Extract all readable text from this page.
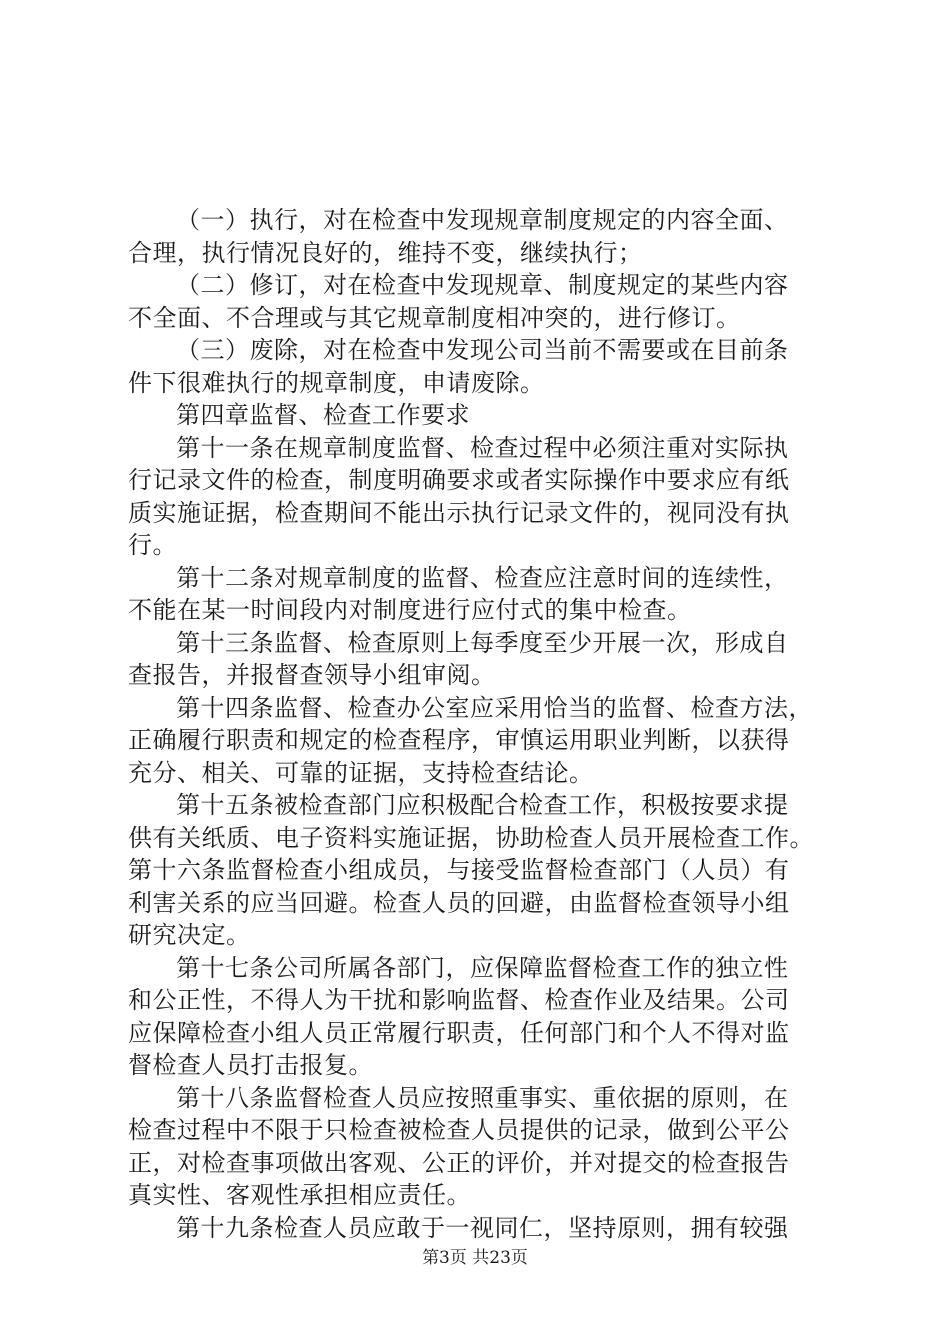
（一）执行，对在检查中发现规章制度规定的内容全面、
合理，执行情况良好的，维持不变，继续执行；
（二）修订，对在检查中发现规章、制度规定的某些内容
不全面、不合理或与其它规章制度相冲突的，进行修订。
（三）废除，对在检查中发现公司当前不需要或在目前条
件下很难执行的规章制度，申请废除。
第四章监督、检查工作要求
第十一条在规章制度监督、检查过程中必须注重对实际执
行记录文件的检查，制度明确要求或者实际操作中要求应有纸
质实施证据，检查期间不能出示执行记录文件的，视同没有执
行。
第十二条对规章制度的监督、检查应注意时间的连续性，
不能在某一时间段内对制度进行应付式的集中检查。
第十三条监督、检查原则上每季度至少开展一次，形成自
查报告，并报督查领导小组审阅。
第十四条监督、检查办公室应采用恰当的监督、检查方法，
正确履行职责和规定的检查程序，审慎运用职业判断，以获得
充分、相关、可靠的证据，支持检查结论。
第十五条被检查部门应积极配合检查工作，积极按要求提
供有关纸质、电子资料实施证据，协助检查人员开展检查工作。
第十六条监督检查小组成员，与接受监督检查部门（人员）有
利害关系的应当回避。检查人员的回避，由监督检查领导小组
研究决定。
第十七条公司所属各部门，应保障监督检查工作的独立性
和公正性，不得人为干扰和影响监督、检查作业及结果。公司
应保障检查小组人员正常履行职责，任何部门和个人不得对监
督检查人员打击报复。
第十八条监督检查人员应按照重事实、重依据的原则，在
检查过程中不限于只检查被检查人员提供的记录，做到公平公
正，对检查事项做出客观、公正的评价，并对提交的检查报告
真实性、客观性承担相应责任。
第十九条检查人员应敢于一视同仁，坚持原则，拥有较强
第3页 共23页
